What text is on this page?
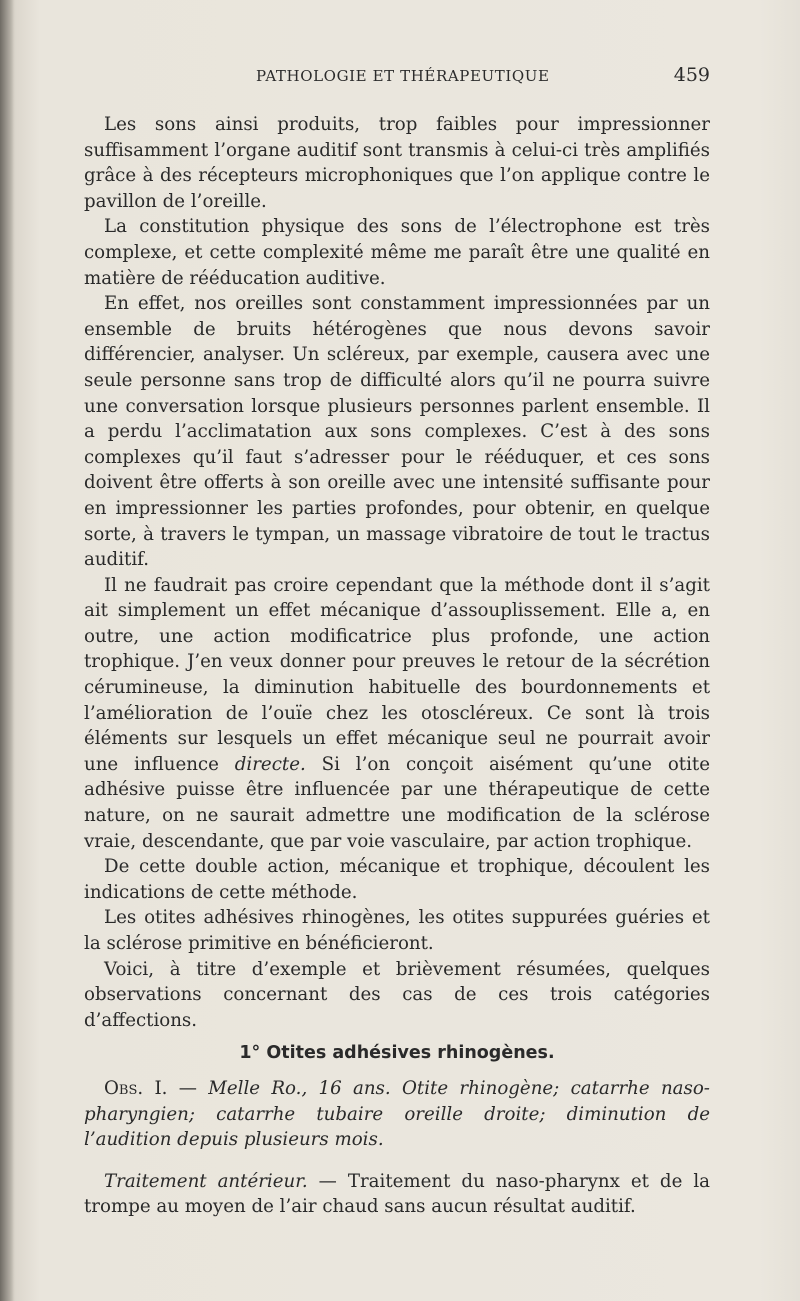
PATHOLOGIE ET THÉRAPEUTIQUE	459

Les sons ainsi produits, trop faibles pour impressionner suffisamment l’organe auditif sont transmis à celui-ci très amplifiés grâce à des récepteurs microphoniques que l’on applique contre le pavillon de l’oreille.

La constitution physique des sons de l’électrophone est très complexe, et cette complexité même me paraît être une qualité en matière de rééducation auditive.

En effet, nos oreilles sont constamment impressionnées par un ensemble de bruits hétérogènes que nous devons savoir différencier, analyser. Un scléreux, par exemple, causera avec une seule personne sans trop de difficulté alors qu’il ne pourra suivre une conversation lorsque plusieurs personnes parlent ensemble. Il a perdu l’acclimatation aux sons complexes. C’est à des sons complexes qu’il faut s’adresser pour le rééduquer, et ces sons doivent être offerts à son oreille avec une intensité suffisante pour en impressionner les parties profondes, pour obtenir, en quelque sorte, à travers le tympan, un massage vibratoire de tout le tractus auditif.

Il ne faudrait pas croire cependant que la méthode dont il s’agit ait simplement un effet mécanique d’assouplissement. Elle a, en outre, une action modificatrice plus profonde, une action trophique. J’en veux donner pour preuves le retour de la sécrétion cérumineuse, la diminution habituelle des bourdonnements et l’amélioration de l’ouïe chez les otoscléreux. Ce sont là trois éléments sur lesquels un effet mécanique seul ne pourrait avoir une influence directe. Si l’on conçoit aisément qu’une otite adhésive puisse être influencée par une thérapeutique de cette nature, on ne saurait admettre une modification de la sclérose vraie, descendante, que par voie vasculaire, par action trophique.

De cette double action, mécanique et trophique, découlent les indications de cette méthode.

Les otites adhésives rhinogènes, les otites suppurées guéries et la sclérose primitive en bénéficieront.

Voici, à titre d’exemple et brièvement résumées, quelques observations concernant des cas de ces trois catégories d’affections.

1° Otites adhésives rhinogènes.

Obs. I. — Melle Ro., 16 ans. Otite rhinogène; catarrhe naso-pharyngien; catarrhe tubaire oreille droite; diminution de l’audition depuis plusieurs mois.

Traitement antérieur. — Traitement du naso-pharynx et de la trompe au moyen de l’air chaud sans aucun résultat auditif.
